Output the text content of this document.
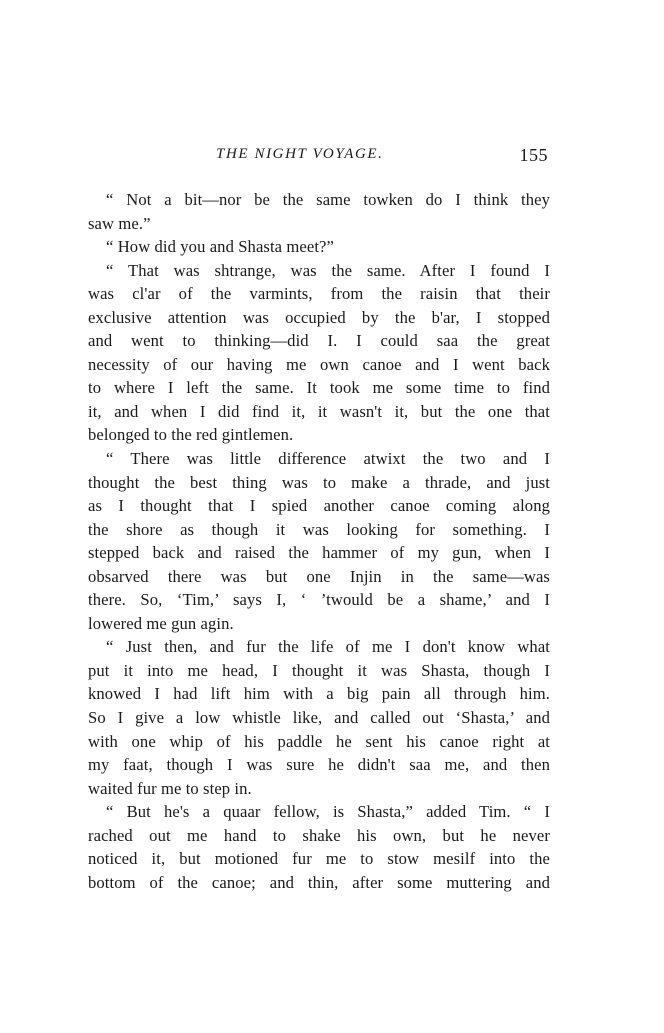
THE NIGHT VOYAGE.	155
“ Not a bit—nor be the same towken do I think they
saw me.”
“ How did you and Shasta meet?”
“ That was shtrange, was the same. After I found I
was cl'ar of the varmints, from the raisin that their
exclusive attention was occupied by the b'ar, I stopped
and went to thinking—did I. I could saa the great
necessity of our having me own canoe and I went back
to where I left the same. It took me some time to find
it, and when I did find it, it wasn't it, but the one that
belonged to the red gintlemen.
“ There was little difference atwixt the two and I
thought the best thing was to make a thrade, and just
as I thought that I spied another canoe coming along
the shore as though it was looking for something. I
stepped back and raised the hammer of my gun, when I
obsarved there was but one Injin in the same—was
there. So, ‘Tim,’ says I, ‘ ’twould be a shame,’ and I
lowered me gun agin.
“ Just then, and fur the life of me I don't know what
put it into me head, I thought it was Shasta, though I
knowed I had lift him with a big pain all through him.
So I give a low whistle like, and called out ‘Shasta,’ and
with one whip of his paddle he sent his canoe right at
my faat, though I was sure he didn't saa me, and then
waited fur me to step in.
“ But he's a quaar fellow, is Shasta,” added Tim. “ I
rached out me hand to shake his own, but he never
noticed it, but motioned fur me to stow mesilf into the
bottom of the canoe; and thin, after some muttering and
